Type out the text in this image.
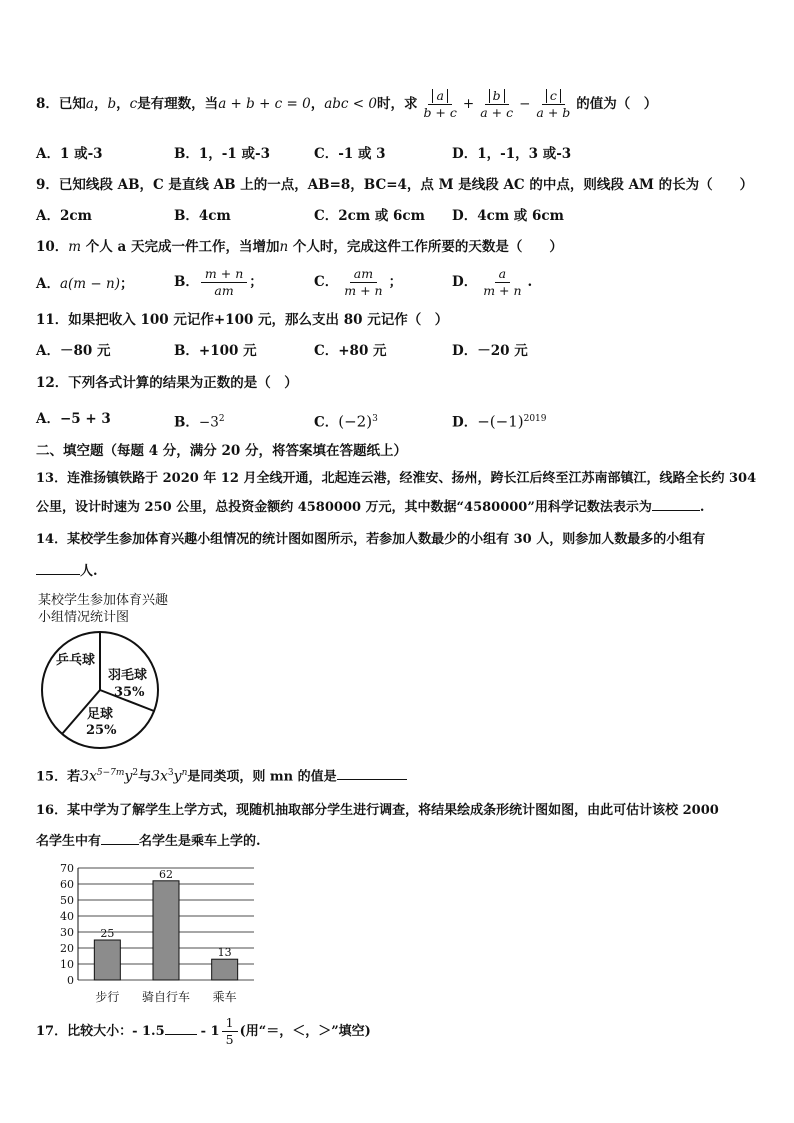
8．已知a，b，c是有理数，当a + b + c = 0，abc < 0时，求 $\frac{a}{b + c} + \frac{b}{a + c} - \frac{c}{a + b}$ 的值为（　）
A．1 或-3	B．1，-1 或-3	C．-1 或 3	D．1，-1，3 或-3
9．已知线段 AB，C 是直线 AB 上的一点，AB=8，BC=4，点 M 是线段 AC 的中点，则线段 AM 的长为（　　）
A．2cm	B．4cm	C．2cm 或 6cm D．4cm 或 6cm
10．m 个人 a 天完成一件工作，当增加n 个人时，完成这件工作所要的天数是（　　）
A．a(m − n)；	B． $\frac{m + n}{am}$ ；	C． $\frac{am}{m + n}$ ；	D． $\frac{a}{m + n}$ .
11．如果把收入 100 元记作+100 元，那么支出 80 元记作（　）
A．－80 元	B．+100 元	C．+80 元	D．－20 元
12．下列各式计算的结果为正数的是（　）
A．−5 + 3	B．$-3^2$	C．$(-2)^3$	D．$-(-1)^{2019}$
二、填空题（每题 4 分，满分 20 分，将答案填在答题纸上）
13．连淮扬镇铁路于 2020 年 12 月全线开通，北起连云港，经淮安、扬州，跨长江后终至江苏南部镇江，线路全长约 304
公里，设计时速为 250 公里，总投资金额约 4580000 万元，其中数据“4580000”用科学记数法表示为	.
14．某校学生参加体育兴趣小组情况的统计图如图所示，若参加人数最少的小组有 30 人，则参加人数最多的小组有
人.
某校学生参加体育兴趣
小组情况统计图
乒乓球
羽毛球
35%
足球
25%
15．若$3x^{5-7m}y^2$与$3x^3y^n$是同类项，则 mn 的值是
16．某中学为了解学生上学方式，现随机抽取部分学生进行调查，将结果绘成条形统计图如图，由此可估计该校 2000
名学生中有	名学生是乘车上学的.
0
10
20
30
40
50
60
70
25
步行
62
骑自行车
13
乘车
17．比较大小：- 1.5	- $1 \frac{1}{5}$ (用“＝，＜，＞”填空)
